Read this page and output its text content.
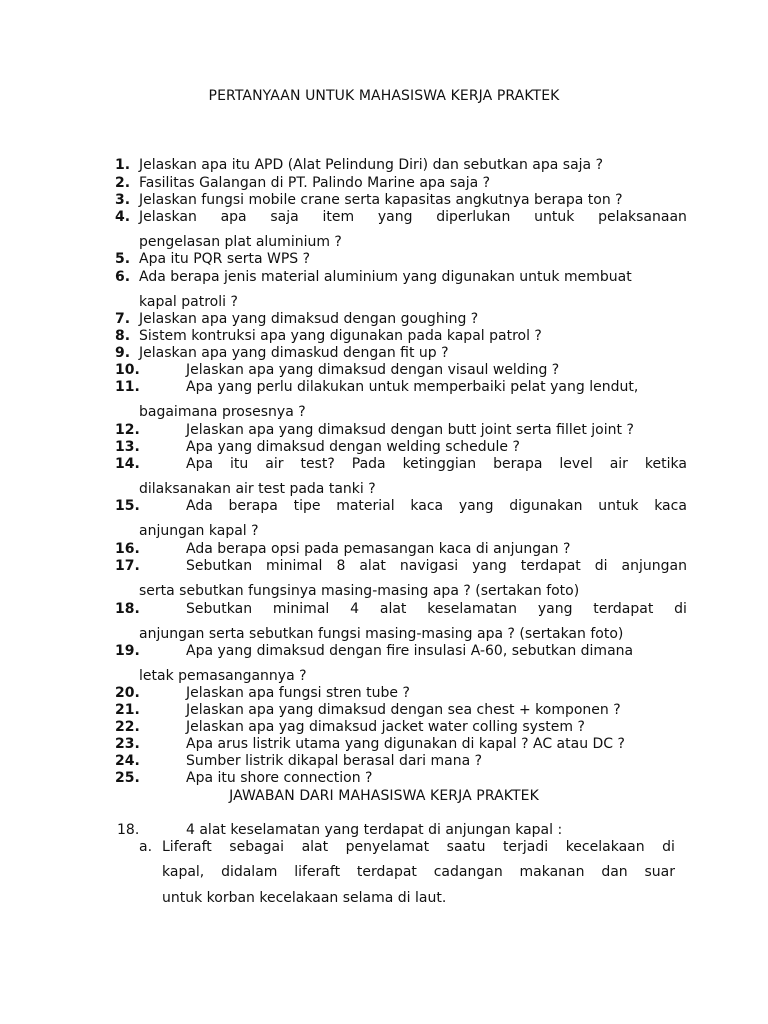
PERTANYAAN UNTUK MAHASISWA KERJA PRAKTEK
1. Jelaskan apa itu APD (Alat Pelindung Diri) dan sebutkan apa saja ?
2. Fasilitas Galangan di PT. Palindo Marine apa saja ?
3. Jelaskan fungsi mobile crane serta kapasitas angkutnya berapa ton ?
4. Jelaskan apa saja item yang diperlukan untuk pelaksanaan
pengelasan plat aluminium ?
5. Apa itu PQR serta WPS ?
6. Ada berapa jenis material aluminium yang digunakan untuk membuat
kapal patroli ?
7. Jelaskan apa yang dimaksud dengan goughing ?
8. Sistem kontruksi apa yang digunakan pada kapal patrol ?
9. Jelaskan apa yang dimaskud dengan fit up ?
10.	Jelaskan apa yang dimaksud dengan visaul welding ?
11.	Apa yang perlu dilakukan untuk memperbaiki pelat yang lendut,
bagaimana prosesnya ?
12.	Jelaskan apa yang dimaksud dengan butt joint serta fillet joint ?
13.	Apa yang dimaksud dengan welding schedule ?
14.	Apa itu air test? Pada ketinggian berapa level air ketika
dilaksanakan air test pada tanki ?
15.	Ada berapa tipe material kaca yang digunakan untuk kaca
anjungan kapal ?
16.	Ada berapa opsi pada pemasangan kaca di anjungan ?
17.	Sebutkan minimal 8 alat navigasi yang terdapat di anjungan
serta sebutkan fungsinya masing-masing apa ? (sertakan foto)
18.	Sebutkan minimal 4 alat keselamatan yang terdapat di
anjungan serta sebutkan fungsi masing-masing apa ? (sertakan foto)
19.	Apa yang dimaksud dengan fire insulasi A-60, sebutkan dimana
letak pemasangannya ?
20.	Jelaskan apa fungsi stren tube ?
21.	Jelaskan apa yang dimaksud dengan sea chest + komponen ?
22.	Jelaskan apa yag dimaksud jacket water colling system ?
23.	Apa arus listrik utama yang digunakan di kapal ? AC atau DC ?
24.	Sumber listrik dikapal berasal dari mana ?
25.	Apa itu shore connection ?
JAWABAN DARI MAHASISWA KERJA PRAKTEK
18.	4 alat keselamatan yang terdapat di anjungan kapal :
a. Liferaft sebagai alat penyelamat saatu terjadi kecelakaan di
kapal, didalam liferaft terdapat cadangan makanan dan suar
untuk korban kecelakaan selama di laut.
